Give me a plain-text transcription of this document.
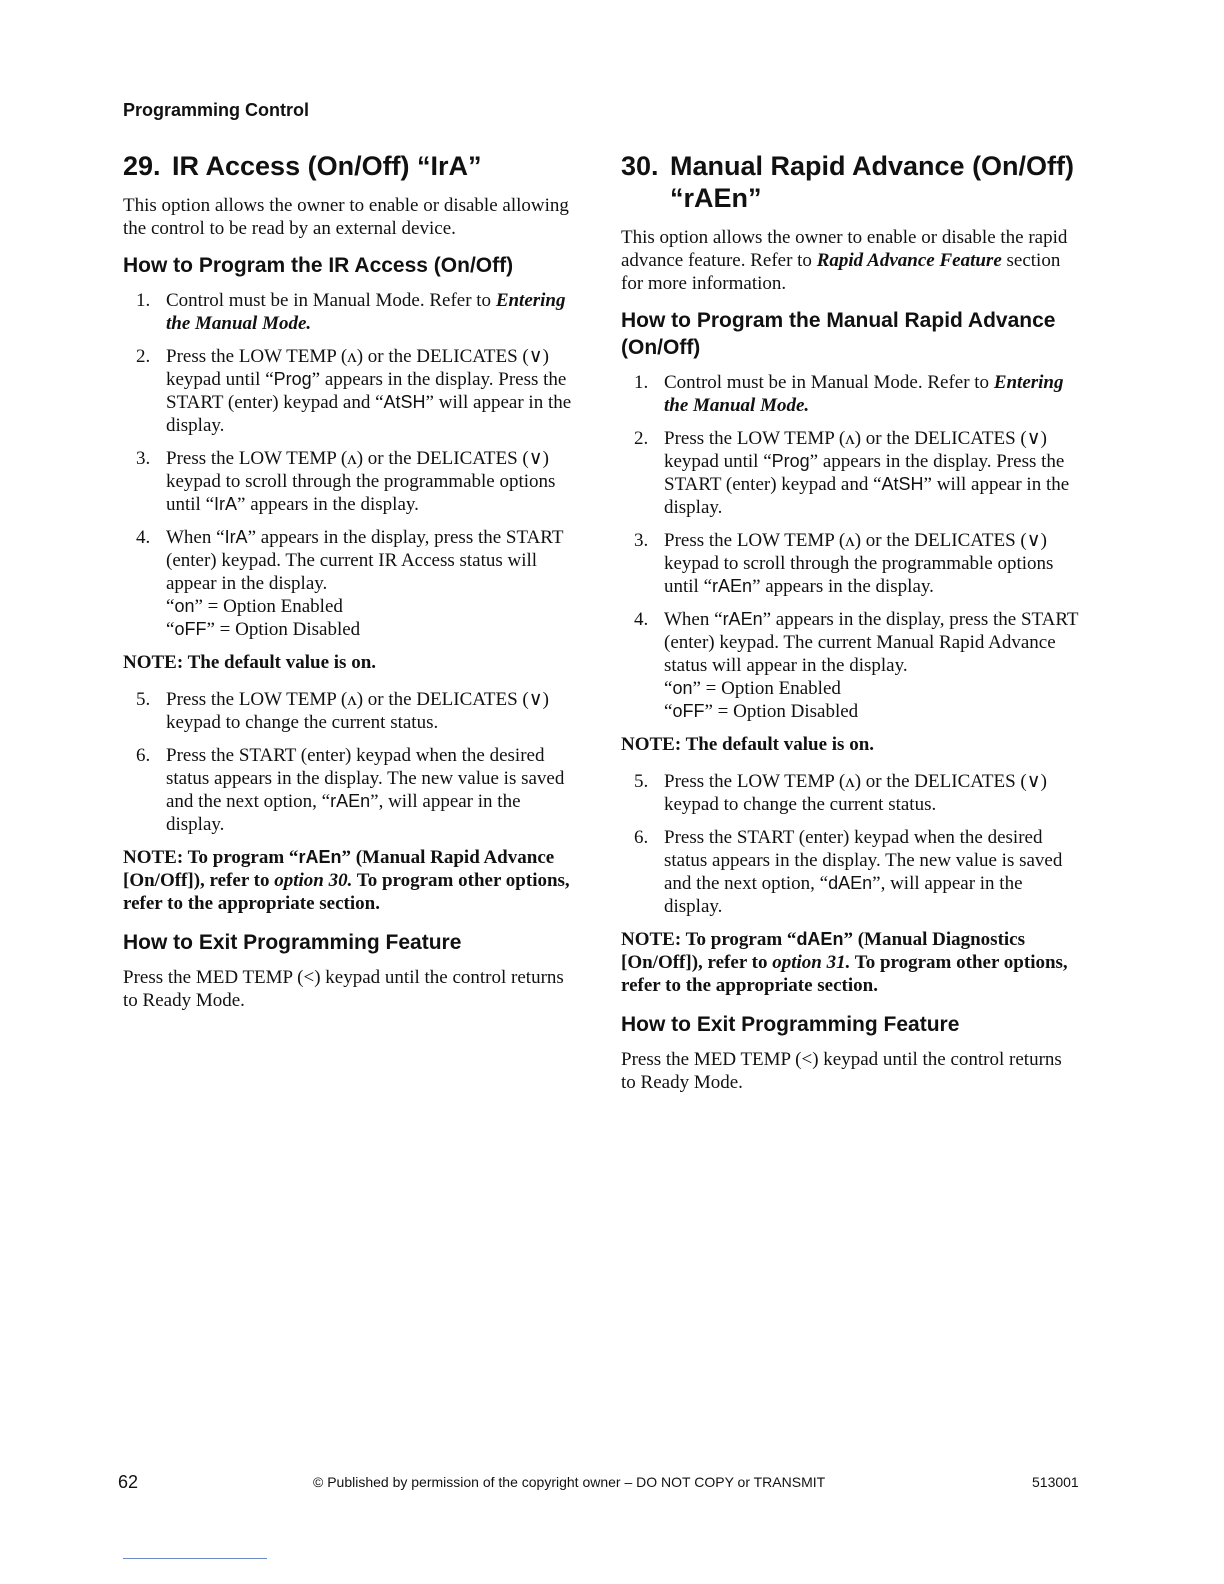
Programming Control
29. IR Access (On/Off) “IrA”

This option allows the owner to enable or disable allowing the control to be read by an external device.

How to Program the IR Access (On/Off)
1. Control must be in Manual Mode. Refer to Entering the Manual Mode.
2. Press the LOW TEMP (ʌ) or the DELICATES (∨) keypad until “Prog” appears in the display. Press the START (enter) keypad and “AtSH” will appear in the display.
3. Press the LOW TEMP (ʌ) or the DELICATES (∨) keypad to scroll through the programmable options until “IrA” appears in the display.
4. When “IrA” appears in the display, press the START (enter) keypad. The current IR Access status will appear in the display.
“on” = Option Enabled
“oFF” = Option Disabled
NOTE: The default value is on.
5. Press the LOW TEMP (ʌ) or the DELICATES (∨) keypad to change the current status.
6. Press the START (enter) keypad when the desired status appears in the display. The new value is saved and the next option, “rAEn”, will appear in the display.
NOTE: To program “rAEn” (Manual Rapid Advance [On/Off]), refer to option 30. To program other options, refer to the appropriate section.
How to Exit Programming Feature

Press the MED TEMP (<) keypad until the control returns to Ready Mode.

30. Manual Rapid Advance (On/Off) “rAEn”

This option allows the owner to enable or disable the rapid advance feature. Refer to Rapid Advance Feature section for more information.

How to Program the Manual Rapid Advance (On/Off)
1. Control must be in Manual Mode. Refer to Entering the Manual Mode.
2. Press the LOW TEMP (ʌ) or the DELICATES (∨) keypad until “Prog” appears in the display. Press the START (enter) keypad and “AtSH” will appear in the display.
3. Press the LOW TEMP (ʌ) or the DELICATES (∨) keypad to scroll through the programmable options until “rAEn” appears in the display.
4. When “rAEn” appears in the display, press the START (enter) keypad. The current Manual Rapid Advance status will appear in the display.
“on” = Option Enabled
“oFF” = Option Disabled
NOTE: The default value is on.
5. Press the LOW TEMP (ʌ) or the DELICATES (∨) keypad to change the current status.
6. Press the START (enter) keypad when the desired status appears in the display. The new value is saved and the next option, “dAEn”, will appear in the display.
NOTE: To program “dAEn” (Manual Diagnostics [On/Off]), refer to option 31. To program other options, refer to the appropriate section.
How to Exit Programming Feature

Press the MED TEMP (<) keypad until the control returns to Ready Mode.

62	© Published by permission of the copyright owner – DO NOT COPY or TRANSMIT	513001
